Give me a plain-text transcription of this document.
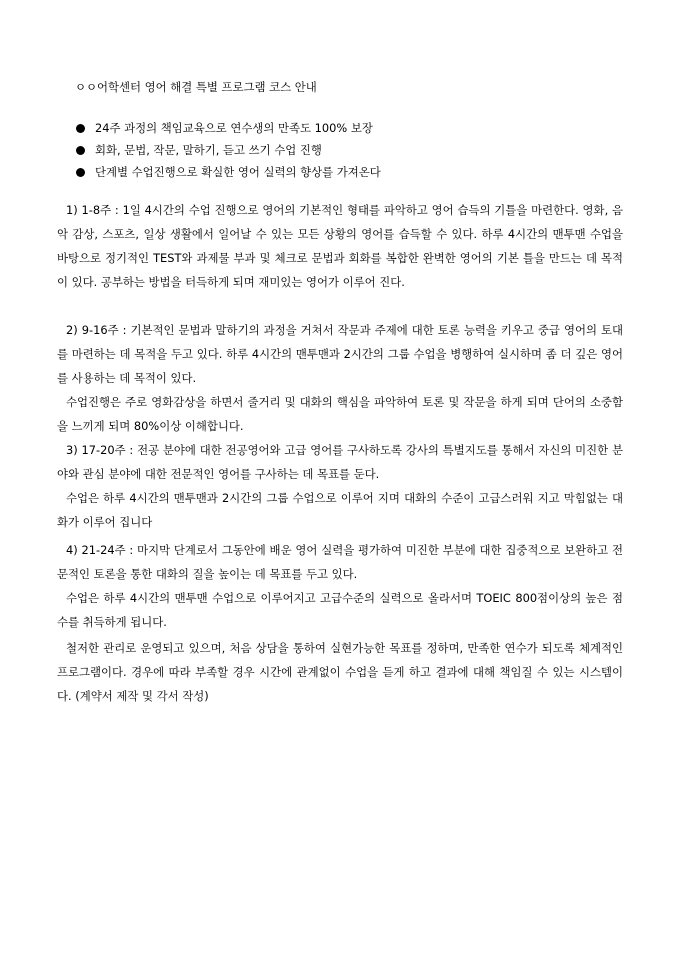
ㅇㅇ어학센터 영어 해결 특별 프로그램 코스 안내
24주 과정의 책임교육으로 연수생의 만족도 100% 보장
회화, 문법, 작문, 말하기, 듣고 쓰기 수업 진행
단계별 수업진행으로 확실한 영어 실력의 향상를 가져온다

1) 1-8주 : 1일 4시간의 수업 진행으로 영어의 기본적인 형태를 파악하고 영어 습득의 기틀을 마련한다. 영화, 음악 감상, 스포츠, 일상 생활에서 일어날 수 있는 모든 상황의 영어를 습득할 수 있다. 하루 4시간의 맨투맨 수업을 바탕으로 정기적인 TEST와 과제물 부과 및 체크로 문법과 회화를 복합한 완벽한 영어의 기본 틀을 만드는 데 목적이 있다. 공부하는 방법을 터득하게 되며 재미있는 영어가 이루어 진다.

2) 9-16주 : 기본적인 문법과 말하기의 과정을 거쳐서 작문과 주제에 대한 토론 능력을 키우고 중급 영어의 토대를 마련하는 데 목적을 두고 있다. 하루 4시간의 맨투맨과 2시간의 그룹 수업을 병행하여 실시하며 좀 더 깊은 영어를 사용하는 데 목적이 있다.

수업진행은 주로 영화감상을 하면서 줄거리 및 대화의 핵심을 파악하여 토론 및 작문을 하게 되며 단어의 소중함을 느끼게 되며 80%이상 이해합니다.

3) 17-20주 : 전공 분야에 대한 전공영어와 고급 영어를 구사하도록 강사의 특별지도를 통해서 자신의 미진한 분야와 관심 분야에 대한 전문적인 영어를 구사하는 데 목표를 둔다.

수업은 하루 4시간의 맨투맨과 2시간의 그룹 수업으로 이루어 지며 대화의 수준이 고급스러워 지고 막힘없는 대화가 이루어 집니다

4) 21-24주 : 마지막 단계로서 그동안에 배운 영어 실력을 평가하여 미진한 부분에 대한 집중적으로 보완하고 전문적인 토론을 통한 대화의 질을 높이는 데 목표를 두고 있다.

수업은 하루 4시간의 맨투맨 수업으로 이루어지고 고급수준의 실력으로 올라서며 TOEIC 800점이상의 높은 점수를 취득하게 됩니다.

철저한 관리로 운영되고 있으며, 처음 상담을 통하여 실현가능한 목표를 정하며, 만족한 연수가 되도록 체계적인 프로그램이다. 경우에 따라 부족할 경우 시간에 관계없이 수업을 듣게 하고 결과에 대해 책임질 수 있는 시스템이다. (계약서 제작 및 각서 작성)
